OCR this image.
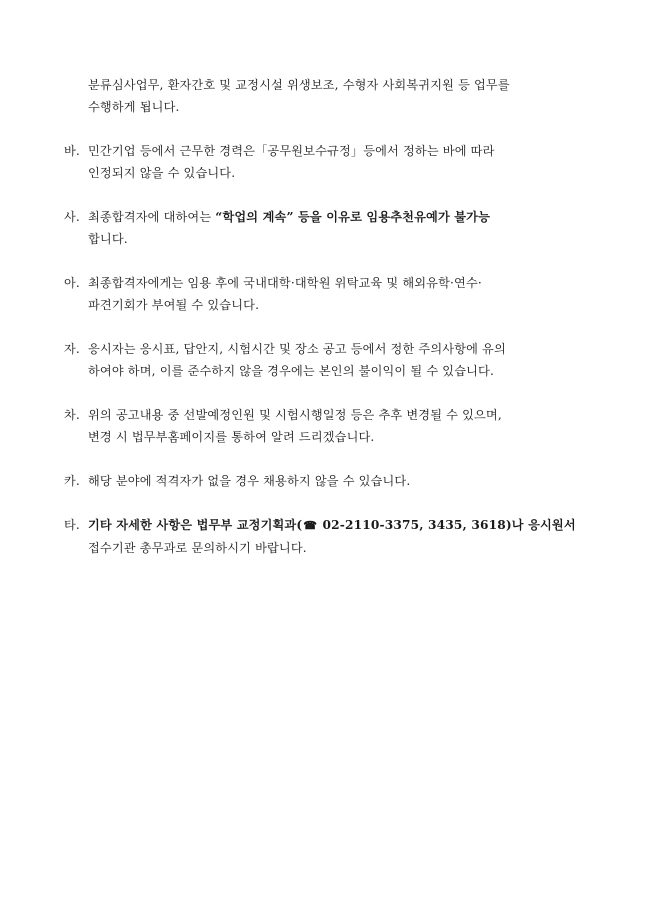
분류심사업무, 환자간호 및 교정시설 위생보조, 수형자 사회복귀지원 등 업무를
수행하게 됩니다.
바. 민간기업 등에서 근무한 경력은「공무원보수규정」등에서 정하는 바에 따라
인정되지 않을 수 있습니다.
사. 최종합격자에 대하여는 “학업의 계속” 등을 이유로 임용추천유예가 불가능
합니다.
아. 최종합격자에게는 임용 후에 국내대학·대학원 위탁교육 및 해외유학·연수·
파견기회가 부여될 수 있습니다.
자. 응시자는 응시표, 답안지, 시험시간 및 장소 공고 등에서 정한 주의사항에 유의
하여야 하며, 이를 준수하지 않을 경우에는 본인의 불이익이 될 수 있습니다.
차. 위의 공고내용 중 선발예정인원 및 시험시행일정 등은 추후 변경될 수 있으며,
변경 시 법무부홈페이지를 통하여 알려 드리겠습니다.
카. 해당 분야에 적격자가 없을 경우 채용하지 않을 수 있습니다.
타. 기타 자세한 사항은 법무부 교정기획과(☎ 02-2110-3375, 3435, 3618)나 응시원서
접수기관 총무과로 문의하시기 바랍니다.
